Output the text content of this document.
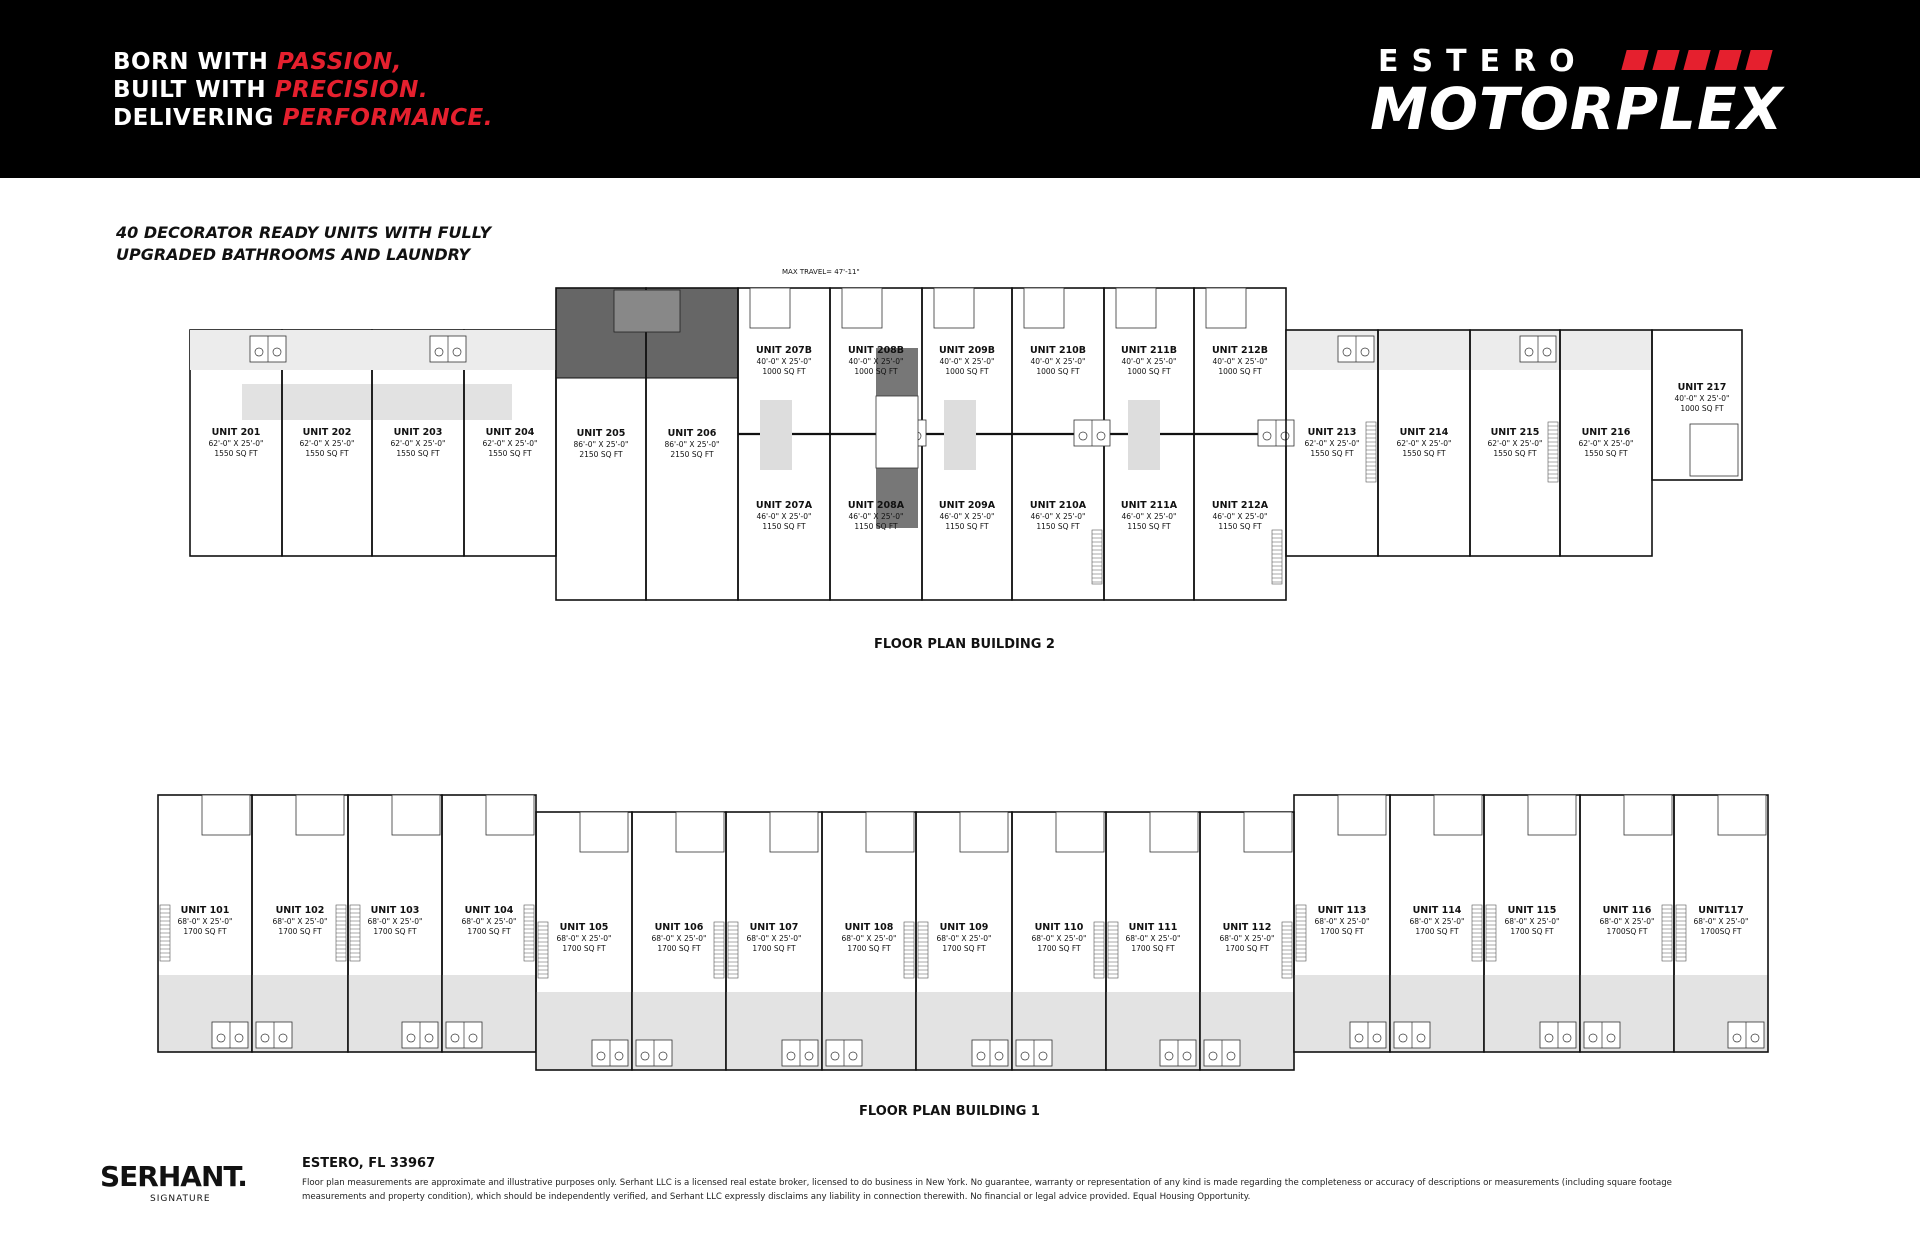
BORN WITH PASSION,
BUILT WITH PRECISION.
DELIVERING PERFORMANCE.
ESTERO
MOTORPLEX
40 DECORATOR READY UNITS WITH FULLY
UPGRADED BATHROOMS AND LAUNDRY
UNIT 201
62'-0" X 25'-0"
1550 SQ FT
UNIT 202
62'-0" X 25'-0"
1550 SQ FT
UNIT 203
62'-0" X 25'-0"
1550 SQ FT
UNIT 204
62'-0" X 25'-0"
1550 SQ FT
UNIT 205
86'-0" X 25'-0"
2150 SQ FT
UNIT 206
86'-0" X 25'-0"
2150 SQ FT
MAX TRAVEL= 47'-11"
UNIT 207B
40'-0" X 25'-0"
1000 SQ FT
UNIT 207A
46'-0" X 25'-0"
1150 SQ FT
UNIT 208B
40'-0" X 25'-0"
1000 SQ FT
UNIT 208A
46'-0" X 25'-0"
1150 SQ FT
UNIT 209B
40'-0" X 25'-0"
1000 SQ FT
UNIT 209A
46'-0" X 25'-0"
1150 SQ FT
UNIT 210B
40'-0" X 25'-0"
1000 SQ FT
UNIT 210A
46'-0" X 25'-0"
1150 SQ FT
UNIT 211B
40'-0" X 25'-0"
1000 SQ FT
UNIT 211A
46'-0" X 25'-0"
1150 SQ FT
UNIT 212B
40'-0" X 25'-0"
1000 SQ FT
UNIT 212A
46'-0" X 25'-0"
1150 SQ FT
UNIT 213
62'-0" X 25'-0"
1550 SQ FT
UNIT 214
62'-0" X 25'-0"
1550 SQ FT
UNIT 215
62'-0" X 25'-0"
1550 SQ FT
UNIT 216
62'-0" X 25'-0"
1550 SQ FT
UNIT 217
40'-0" X 25'-0"
1000 SQ FT
UNIT 101
68'-0" X 25'-0"
1700 SQ FT
UNIT 102
68'-0" X 25'-0"
1700 SQ FT
UNIT 103
68'-0" X 25'-0"
1700 SQ FT
UNIT 104
68'-0" X 25'-0"
1700 SQ FT	UNIT 105
68'-0" X 25'-0"
1700 SQ FT
UNIT 106
68'-0" X 25'-0"
1700 SQ FT
UNIT 107
68'-0" X 25'-0"
1700 SQ FT
UNIT 108
68'-0" X 25'-0"
1700 SQ FT
UNIT 109
68'-0" X 25'-0"
1700 SQ FT
UNIT 110
68'-0" X 25'-0"
1700 SQ FT
UNIT 111
68'-0" X 25'-0"
1700 SQ FT
UNIT 112
68'-0" X 25'-0"
1700 SQ FT
UNIT 113
68'-0" X 25'-0"
1700 SQ FT
UNIT 114
68'-0" X 25'-0"
1700 SQ FT
UNIT 115
68'-0" X 25'-0"
1700 SQ FT
UNIT 116
68'-0" X 25'-0"
1700SQ FT
UNIT117
68'-0" X 25'-0"
1700SQ FT
FLOOR PLAN BUILDING 2
FLOOR PLAN BUILDING 1
SERHANT.
SIGNATURE
ESTERO, FL 33967
Floor plan measurements are approximate and illustrative purposes only. Serhant LLC is a licensed real estate broker, licensed to do business in New York. No guarantee, warranty or representation of any kind is made regarding the completeness or accuracy of descriptions or measurements (including square footage measurements and property condition), which should be independently verified, and Serhant LLC expressly disclaims any liability in connection therewith. No financial or legal advice provided. Equal Housing Opportunity.
